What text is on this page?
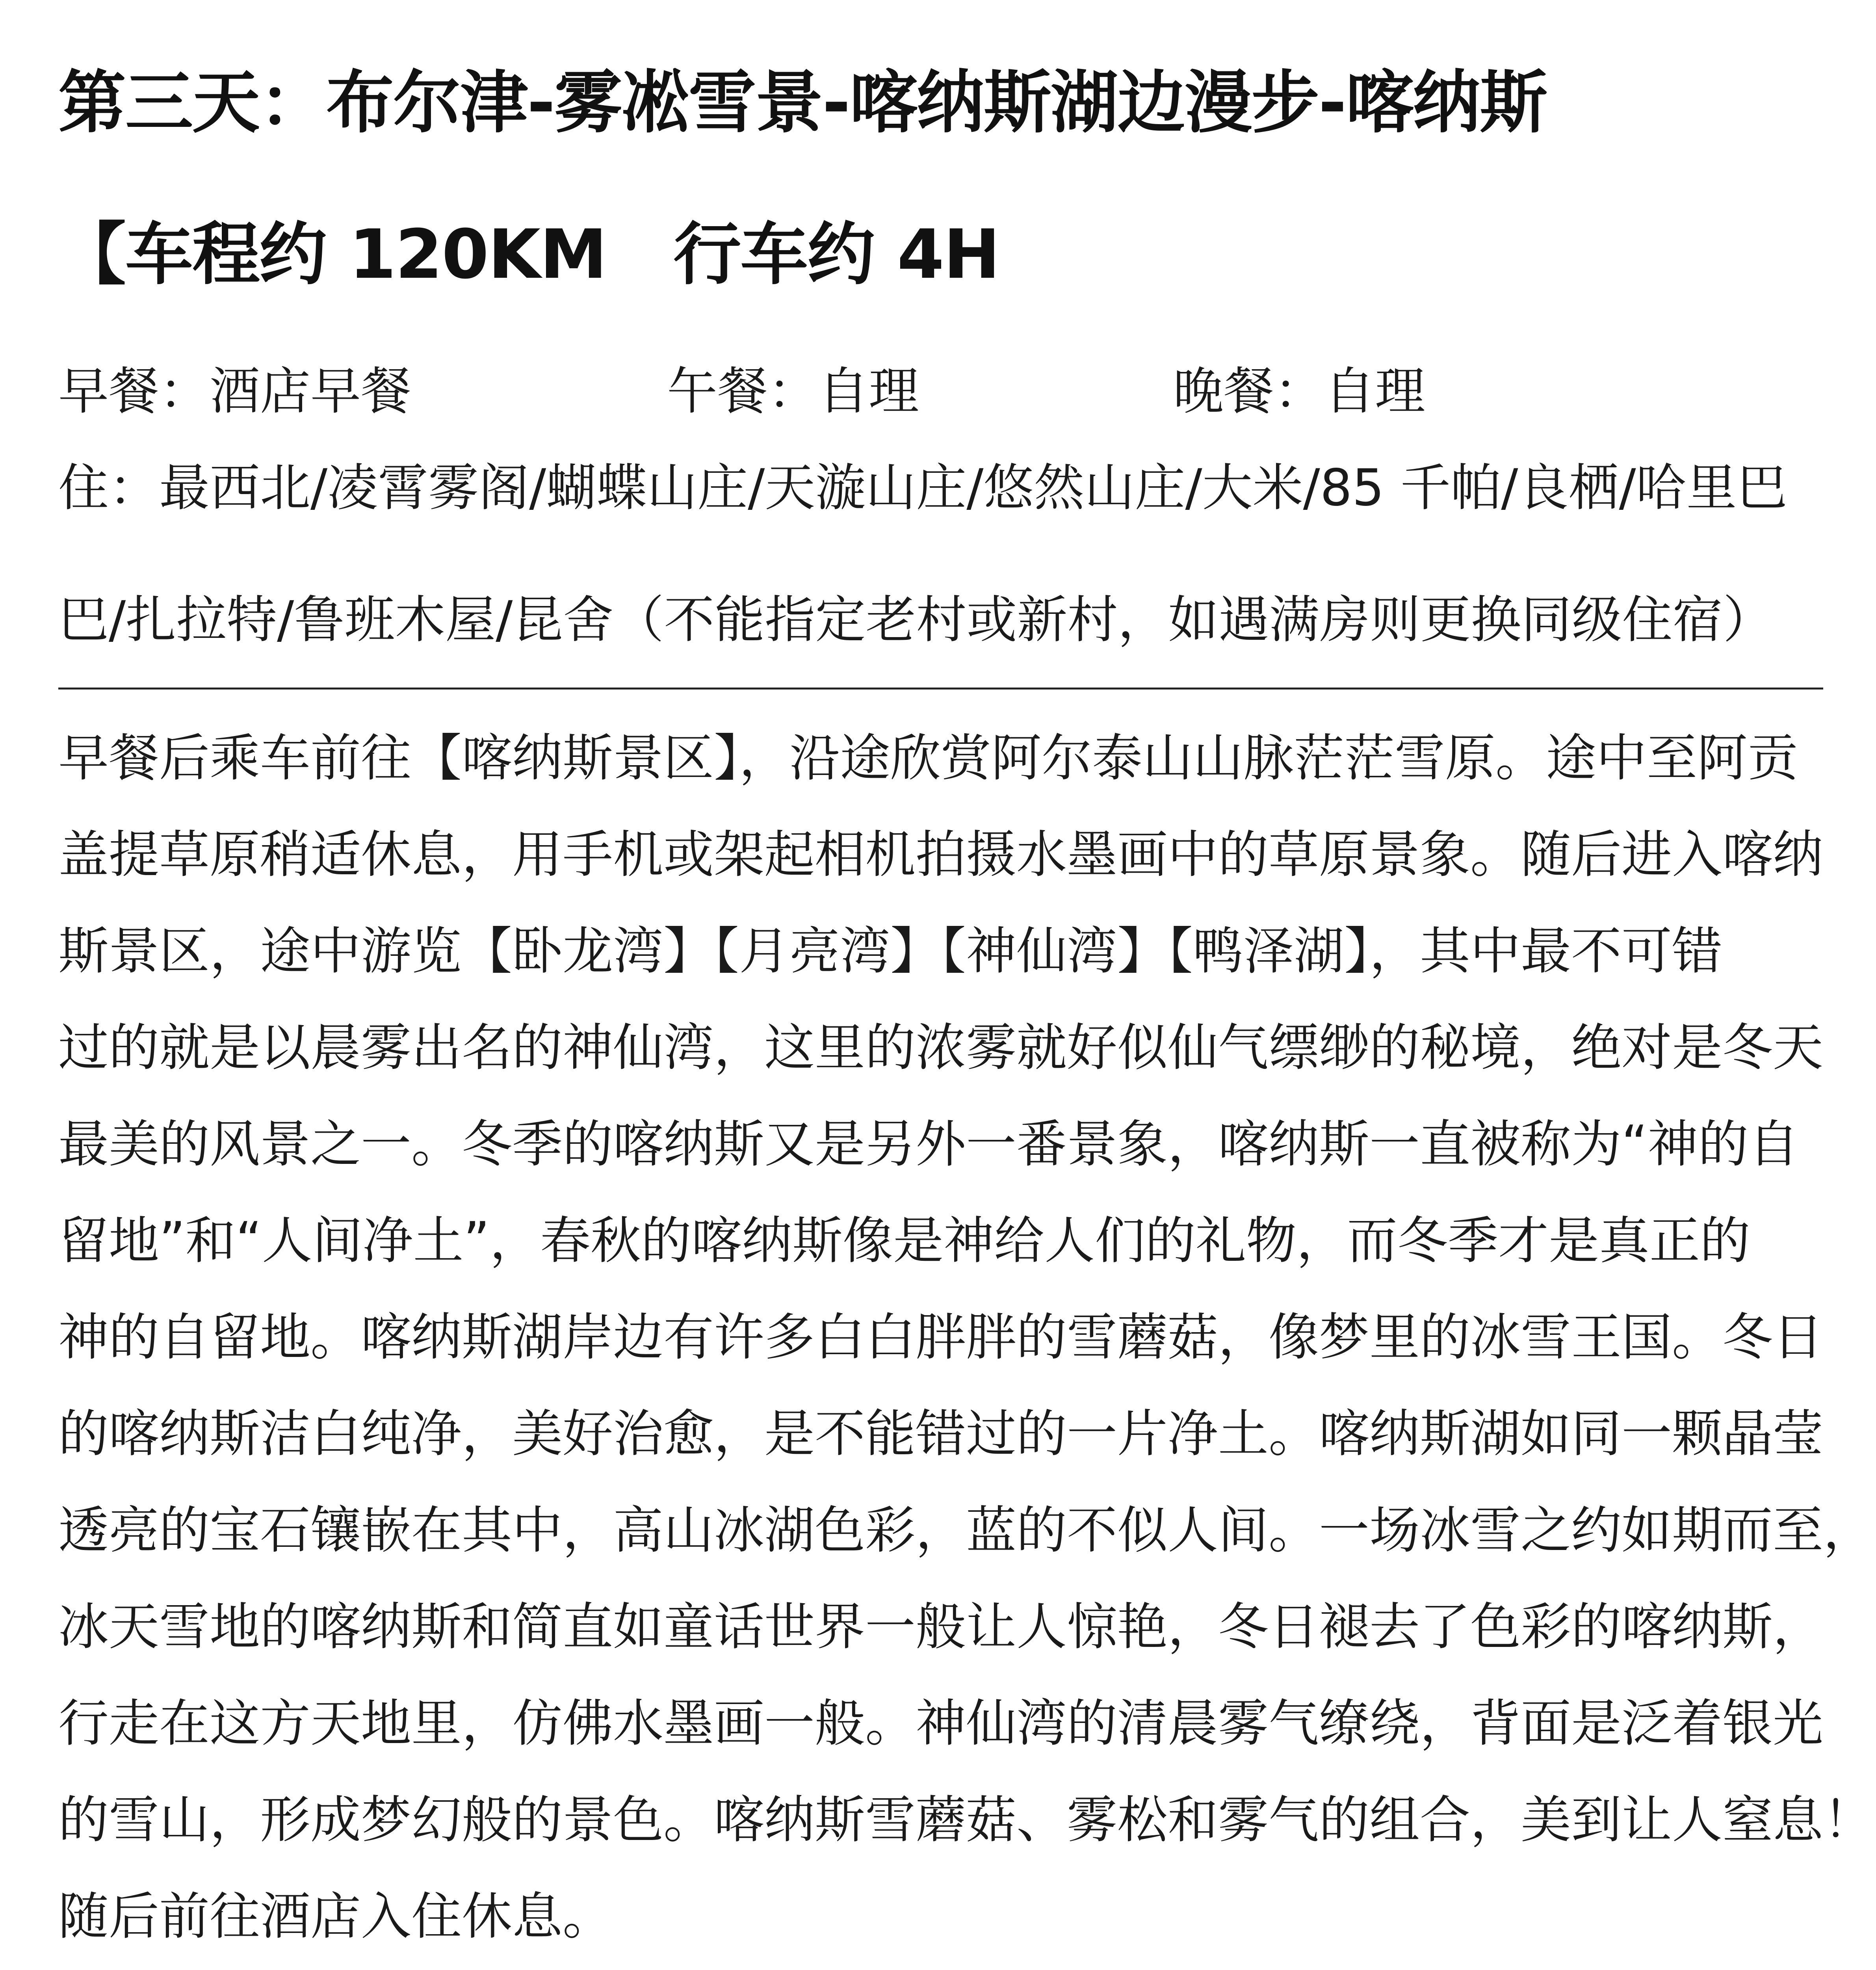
第三天：布尔津-雾凇雪景-喀纳斯湖边漫步-喀纳斯
【车程约 120KM　行车约 4H
早餐：酒店早餐	午餐：自理	晚餐：自理
住：最西北/凌霄雾阁/蝴蝶山庄/天漩山庄/悠然山庄/大米/85 千帕/良栖/哈里巴
巴/扎拉特/鲁班木屋/昆舍（不能指定老村或新村，如遇满房则更换同级住宿）
早餐后乘车前往【喀纳斯景区】，沿途欣赏阿尔泰山山脉茫茫雪原。途中至阿贡
盖提草原稍适休息，用手机或架起相机拍摄水墨画中的草原景象。随后进入喀纳
斯景区，途中游览【卧龙湾】【月亮湾】【神仙湾】【鸭泽湖】，其中最不可错
过的就是以晨雾出名的神仙湾，这里的浓雾就好似仙气缥缈的秘境，绝对是冬天
最美的风景之一。冬季的喀纳斯又是另外一番景象，喀纳斯一直被称为“神的自
留地”和“人间净土”，春秋的喀纳斯像是神给人们的礼物，而冬季才是真正的
神的自留地。喀纳斯湖岸边有许多白白胖胖的雪蘑菇，像梦里的冰雪王国。冬日
的喀纳斯洁白纯净，美好治愈，是不能错过的一片净土。喀纳斯湖如同一颗晶莹
透亮的宝石镶嵌在其中，高山冰湖色彩，蓝的不似人间。一场冰雪之约如期而至，
冰天雪地的喀纳斯和简直如童话世界一般让人惊艳，冬日褪去了色彩的喀纳斯，
行走在这方天地里，仿佛水墨画一般。神仙湾的清晨雾气缭绕，背面是泛着银光
的雪山，形成梦幻般的景色。喀纳斯雪蘑菇、雾松和雾气的组合，美到让人窒息！
随后前往酒店入住休息。
